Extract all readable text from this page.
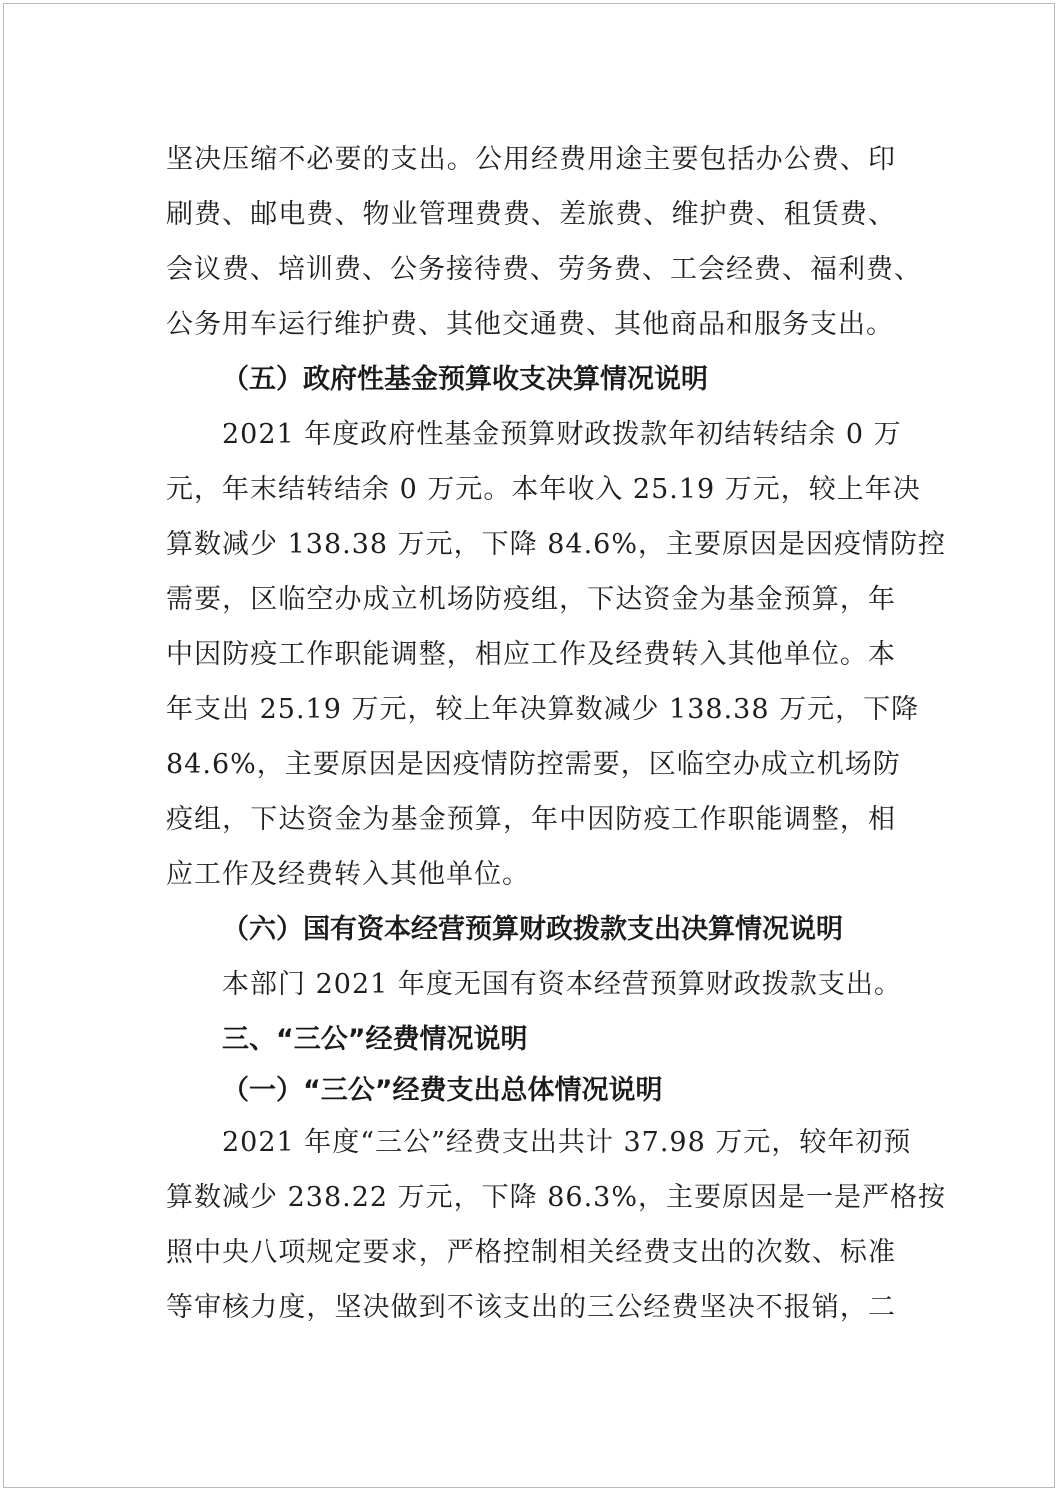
坚决压缩不必要的支出。公用经费用途主要包括办公费、印
刷费、邮电费、物业管理费费、差旅费、维护费、租赁费、
会议费、培训费、公务接待费、劳务费、工会经费、福利费、
公务用车运行维护费、其他交通费、其他商品和服务支出。
（五）政府性基金预算收支决算情况说明
2021 年度政府性基金预算财政拨款年初结转结余 0 万
元，年末结转结余 0 万元。本年收入 25.19 万元，较上年决
算数减少 138.38 万元，下降 84.6%，主要原因是因疫情防控
需要，区临空办成立机场防疫组，下达资金为基金预算，年
中因防疫工作职能调整，相应工作及经费转入其他单位。本
年支出 25.19 万元，较上年决算数减少 138.38 万元，下降
84.6%，主要原因是因疫情防控需要，区临空办成立机场防
疫组，下达资金为基金预算，年中因防疫工作职能调整，相
应工作及经费转入其他单位。
（六）国有资本经营预算财政拨款支出决算情况说明
本部门 2021 年度无国有资本经营预算财政拨款支出。
三、“三公”经费情况说明
（一）“三公”经费支出总体情况说明
2021 年度“三公”经费支出共计 37.98 万元，较年初预
算数减少 238.22 万元，下降 86.3%，主要原因是一是严格按
照中央八项规定要求，严格控制相关经费支出的次数、标准
等审核力度，坚决做到不该支出的三公经费坚决不报销，二
